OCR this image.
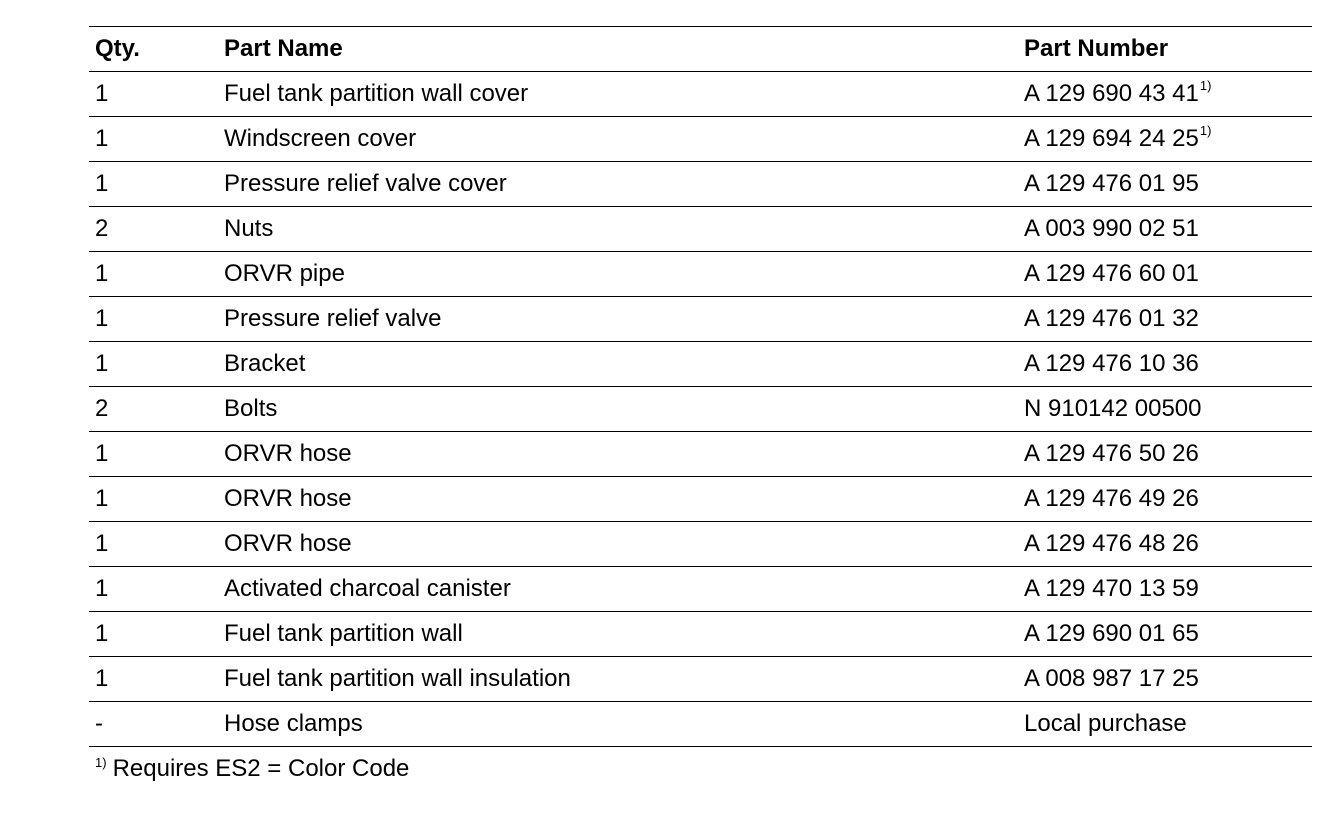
Qty.	Part Name	Part Number
1	Fuel tank partition wall cover	A 129 690 43 41$^{1)}$
1	Windscreen cover	A 129 694 24 25$^{1)}$
1	Pressure relief valve cover	A 129 476 01 95
2	Nuts	A 003 990 02 51
1	ORVR pipe	A 129 476 60 01
1	Pressure relief valve	A 129 476 01 32
1	Bracket	A 129 476 10 36
2	Bolts	N 910142 00500
1	ORVR hose	A 129 476 50 26
1	ORVR hose	A 129 476 49 26
1	ORVR hose	A 129 476 48 26
1	Activated charcoal canister	A 129 470 13 59
1	Fuel tank partition wall	A 129 690 01 65
1	Fuel tank partition wall insulation	A 008 987 17 25
-	Hose clamps	Local purchase
$^{1)}$ Requires ES2 = Color Code
